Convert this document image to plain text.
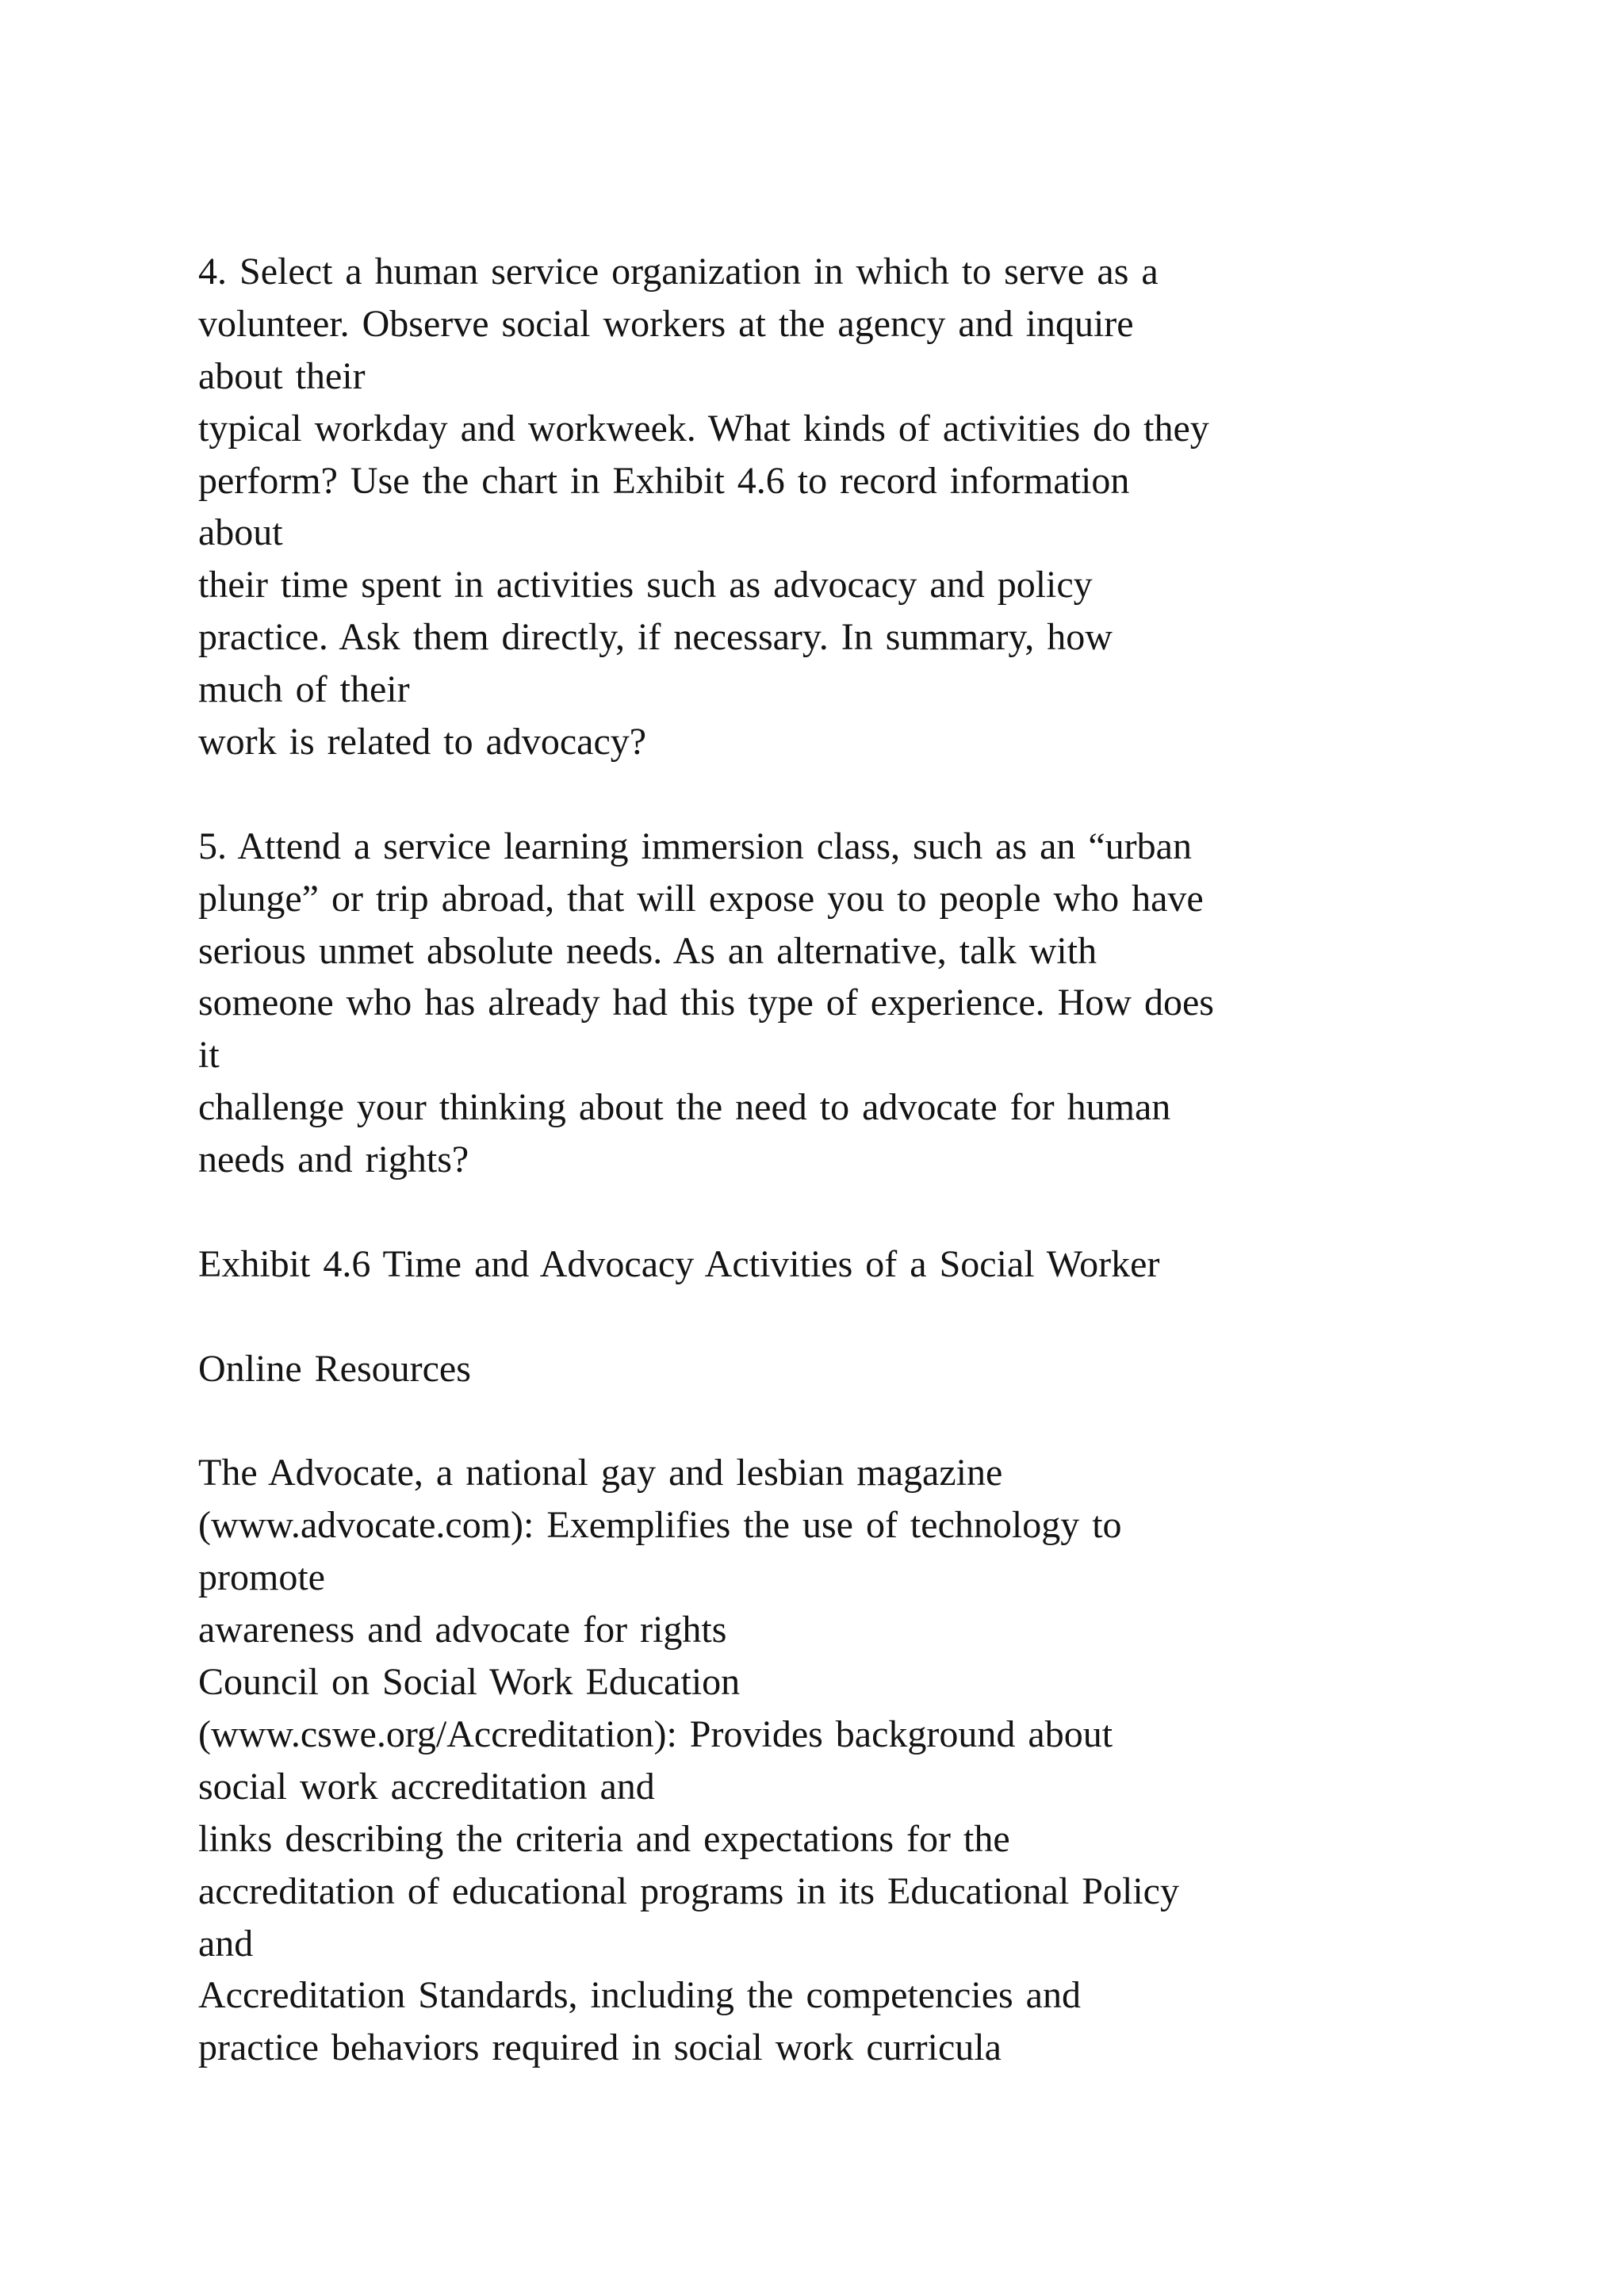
4. Select a human service organization in which to serve as a
volunteer. Observe social workers at the agency and inquire
about their
typical workday and workweek. What kinds of activities do they
perform? Use the chart in Exhibit 4.6 to record information
about
their time spent in activities such as advocacy and policy
practice. Ask them directly, if necessary. In summary, how
much of their
work is related to advocacy?
5. Attend a service learning immersion class, such as an “urban
plunge” or trip abroad, that will expose you to people who have
serious unmet absolute needs. As an alternative, talk with
someone who has already had this type of experience. How does
it
challenge your thinking about the need to advocate for human
needs and rights?
Exhibit 4.6 Time and Advocacy Activities of a Social Worker
Online Resources
The Advocate, a national gay and lesbian magazine
(www.advocate.com): Exemplifies the use of technology to
promote
awareness and advocate for rights
Council on Social Work Education
(www.cswe.org/Accreditation): Provides background about
social work accreditation and
links describing the criteria and expectations for the
accreditation of educational programs in its Educational Policy
and
Accreditation Standards, including the competencies and
practice behaviors required in social work curricula
